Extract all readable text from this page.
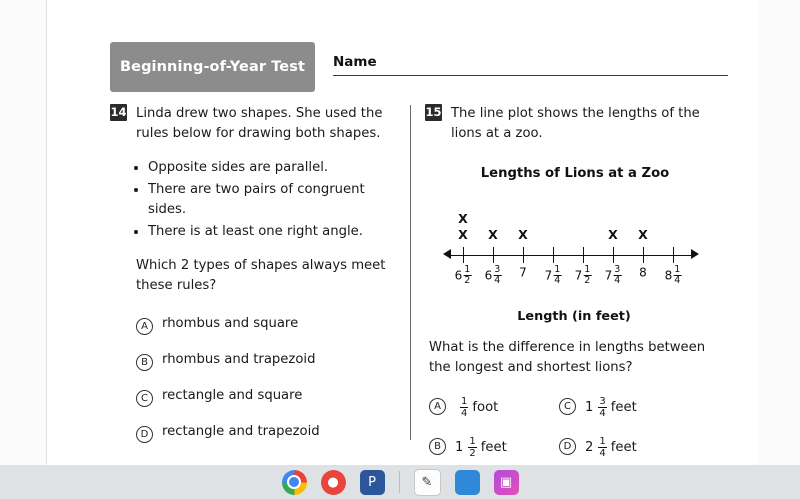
Beginning-of-Year Test Name
14 Linda drew two shapes. She used the rules below for drawing both shapes.
• Opposite sides are parallel.
• There are two pairs of congruent sides.
• There is at least one right angle.
Which 2 types of shapes always meet these rules?
A	rhombus and square
B	rhombus and trapezoid
C	rectangle and square
D	rectangle and trapezoid
15 The line plot shows the lengths of the lions at a zoo.
Lengths of Lions at a Zoo
X
X X X	X X
$6 \frac{1}{2} 6 \frac{3}{4} 7$ $7 \frac{1}{4} 7 \frac{1}{2} 7 \frac{3}{4} 8$ $8 \frac{1}{4}$
Length (in feet)
What is the difference in lengths between the longest and shortest lions?
A	$\frac{1}{4}$ foot	C	$1 \frac{3}{4}$ feet
B	$1 \frac{1}{2}$ feet	D	$2 \frac{1}{4}$ feet
●	P	✎	▣
